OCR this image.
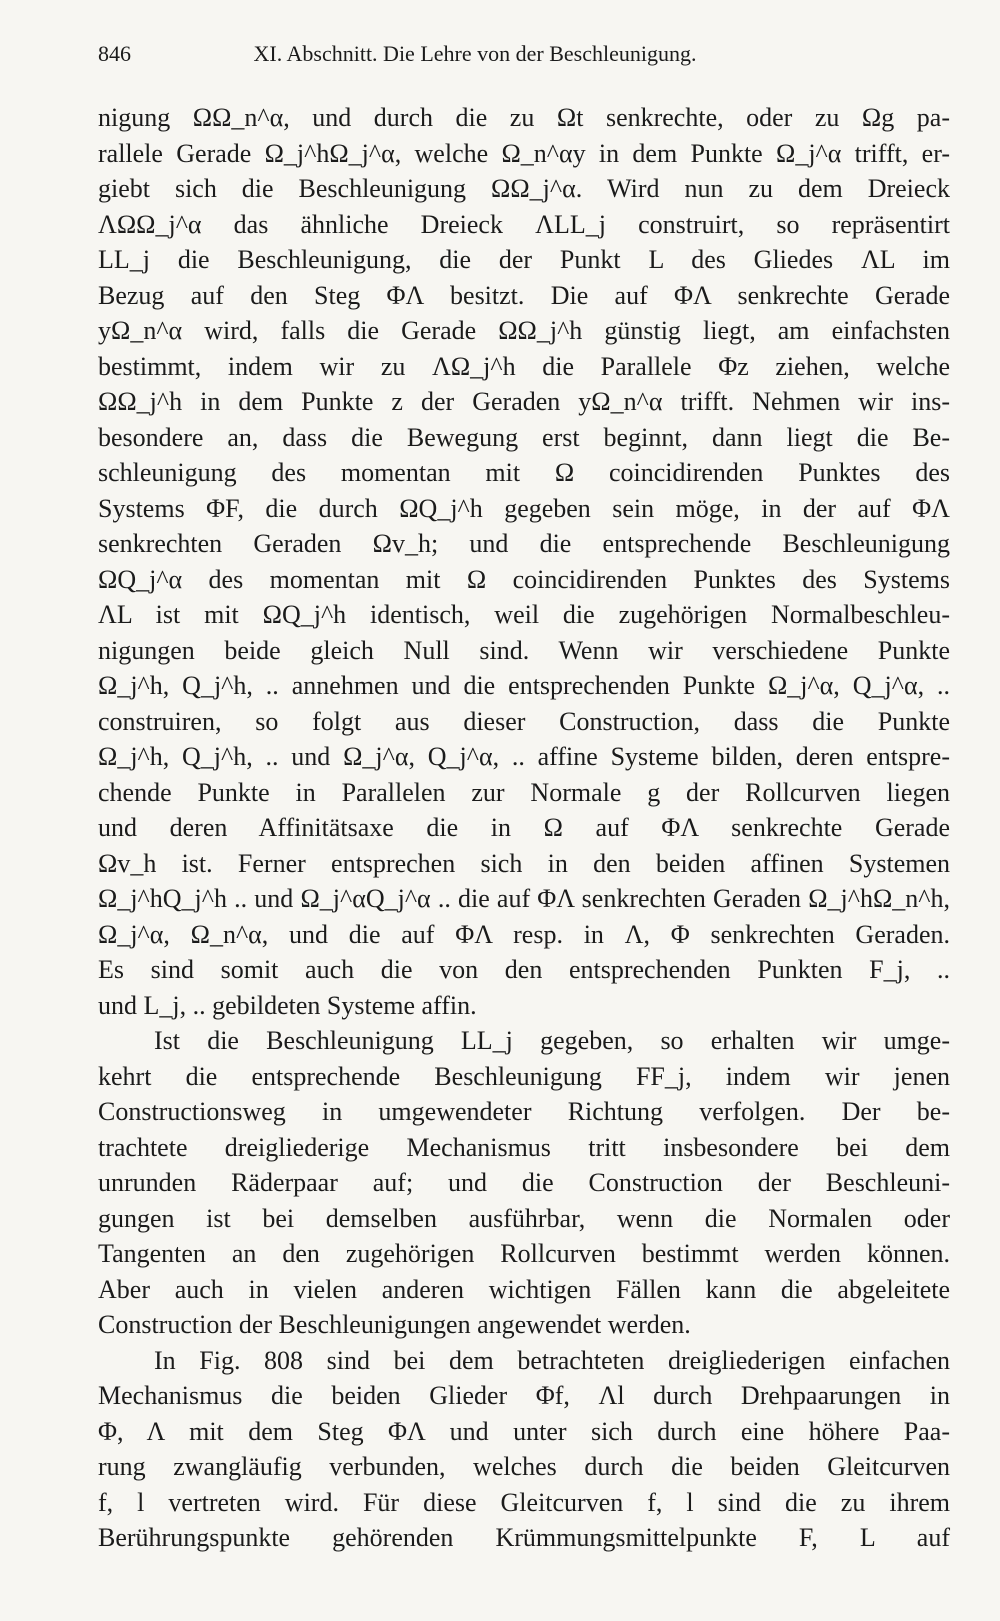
846	XI. Abschnitt. Die Lehre von der Beschleunigung.
nigung ΩΩ_n^α, und durch die zu Ωt senkrechte, oder zu Ωg pa-
rallele Gerade Ω_j^hΩ_j^α, welche Ω_n^αy in dem Punkte Ω_j^α trifft, er-
giebt sich die Beschleunigung ΩΩ_j^α. Wird nun zu dem Dreieck
ΛΩΩ_j^α das ähnliche Dreieck ΛLL_j construirt, so repräsentirt
LL_j die Beschleunigung, die der Punkt L des Gliedes ΛL im
Bezug auf den Steg ΦΛ besitzt. Die auf ΦΛ senkrechte Gerade
yΩ_n^α wird, falls die Gerade ΩΩ_j^h günstig liegt, am einfachsten
bestimmt, indem wir zu ΛΩ_j^h die Parallele Φz ziehen, welche
ΩΩ_j^h in dem Punkte z der Geraden yΩ_n^α trifft. Nehmen wir ins-
besondere an, dass die Bewegung erst beginnt, dann liegt die Be-
schleunigung des momentan mit Ω coincidirenden Punktes des
Systems ΦF, die durch ΩQ_j^h gegeben sein möge, in der auf ΦΛ
senkrechten Geraden Ωv_h; und die entsprechende Beschleunigung
ΩQ_j^α des momentan mit Ω coincidirenden Punktes des Systems
ΛL ist mit ΩQ_j^h identisch, weil die zugehörigen Normalbeschleu-
nigungen beide gleich Null sind. Wenn wir verschiedene Punkte
Ω_j^h, Q_j^h, .. annehmen und die entsprechenden Punkte Ω_j^α, Q_j^α, ..
construiren, so folgt aus dieser Construction, dass die Punkte
Ω_j^h, Q_j^h, .. und Ω_j^α, Q_j^α, .. affine Systeme bilden, deren entspre-
chende Punkte in Parallelen zur Normale g der Rollcurven liegen
und deren Affinitätsaxe die in Ω auf ΦΛ senkrechte Gerade
Ωv_h ist. Ferner entsprechen sich in den beiden affinen Systemen
Ω_j^hQ_j^h .. und Ω_j^αQ_j^α .. die auf ΦΛ senkrechten Geraden Ω_j^hΩ_n^h,
Ω_j^α, Ω_n^α, und die auf ΦΛ resp. in Λ, Φ senkrechten Geraden.
Es sind somit auch die von den entsprechenden Punkten F_j, ..
und L_j, .. gebildeten Systeme affin.
Ist die Beschleunigung LL_j gegeben, so erhalten wir umge-
kehrt die entsprechende Beschleunigung FF_j, indem wir jenen
Constructionsweg in umgewendeter Richtung verfolgen. Der be-
trachtete dreigliederige Mechanismus tritt insbesondere bei dem
unrunden Räderpaar auf; und die Construction der Beschleuni-
gungen ist bei demselben ausführbar, wenn die Normalen oder
Tangenten an den zugehörigen Rollcurven bestimmt werden können.
Aber auch in vielen anderen wichtigen Fällen kann die abgeleitete
Construction der Beschleunigungen angewendet werden.
In Fig. 808 sind bei dem betrachteten dreigliederigen einfachen
Mechanismus die beiden Glieder Φf, Λl durch Drehpaarungen in
Φ, Λ mit dem Steg ΦΛ und unter sich durch eine höhere Paa-
rung zwangläufig verbunden, welches durch die beiden Gleitcurven
f, l vertreten wird. Für diese Gleitcurven f, l sind die zu ihrem
Berührungspunkte gehörenden Krümmungsmittelpunkte F, L auf
